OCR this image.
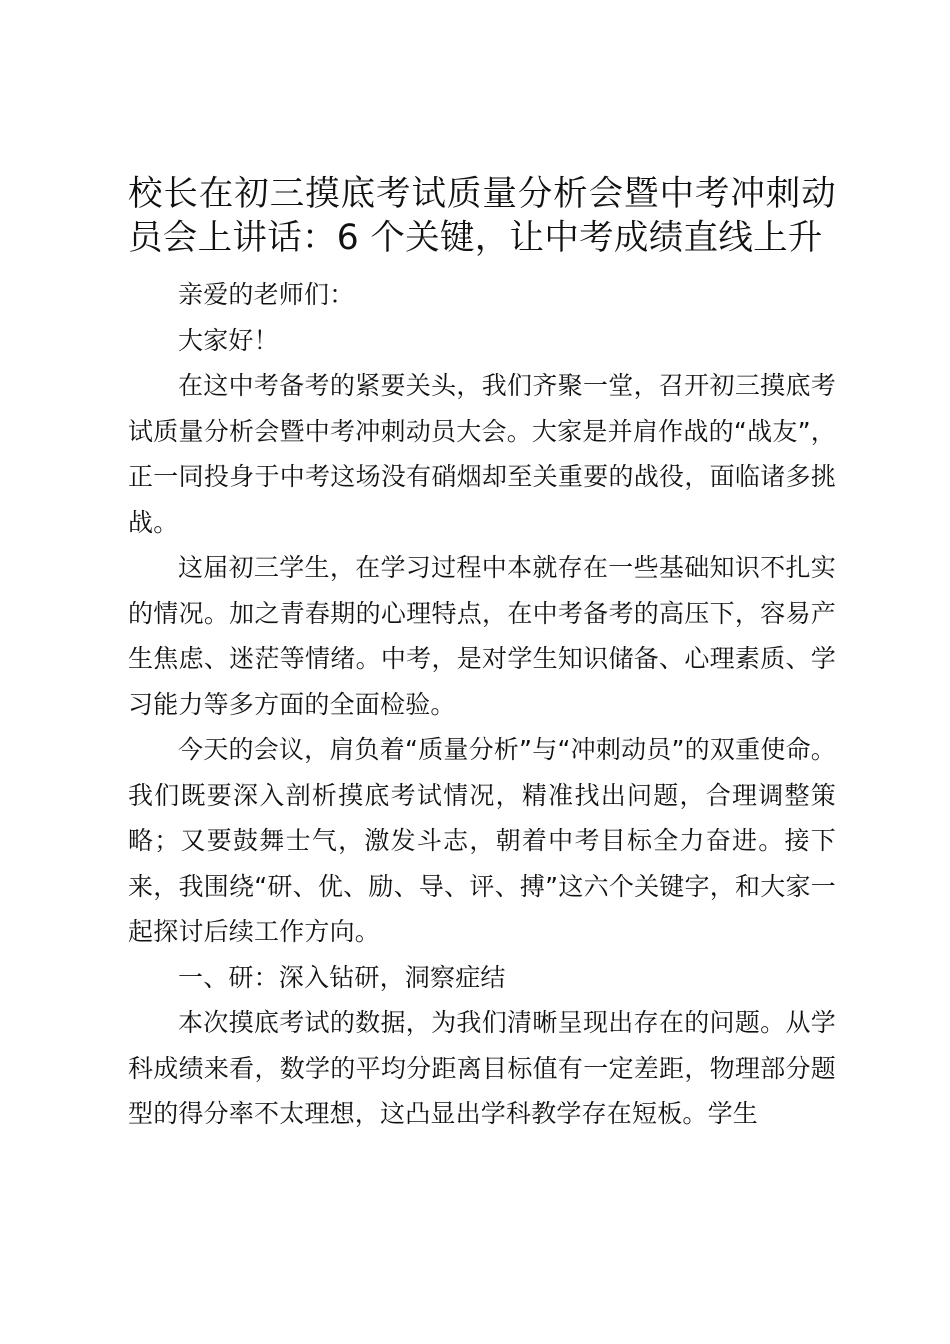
校长在初三摸底考试质量分析会暨中考冲刺动员会上讲话：6 个关键，让中考成绩直线上升

亲爱的老师们：

大家好！

在这中考备考的紧要关头，我们齐聚一堂，召开初三摸底考试质量分析会暨中考冲刺动员大会。大家是并肩作战的“战友”，正一同投身于中考这场没有硝烟却至关重要的战役，面临诸多挑战。

这届初三学生，在学习过程中本就存在一些基础知识不扎实的情况。加之青春期的心理特点，在中考备考的高压下，容易产生焦虑、迷茫等情绪。中考，是对学生知识储备、心理素质、学习能力等多方面的全面检验。

今天的会议，肩负着“质量分析”与“冲刺动员”的双重使命。我们既要深入剖析摸底考试情况，精准找出问题，合理调整策略；又要鼓舞士气，激发斗志，朝着中考目标全力奋进。接下来，我围绕“研、优、励、导、评、搏”这六个关键字，和大家一起探讨后续工作方向。

一、研：深入钻研，洞察症结

本次摸底考试的数据，为我们清晰呈现出存在的问题。从学科成绩来看，数学的平均分距离目标值有一定差距，物理部分题型的得分率不太理想，这凸显出学科教学存在短板。学生
